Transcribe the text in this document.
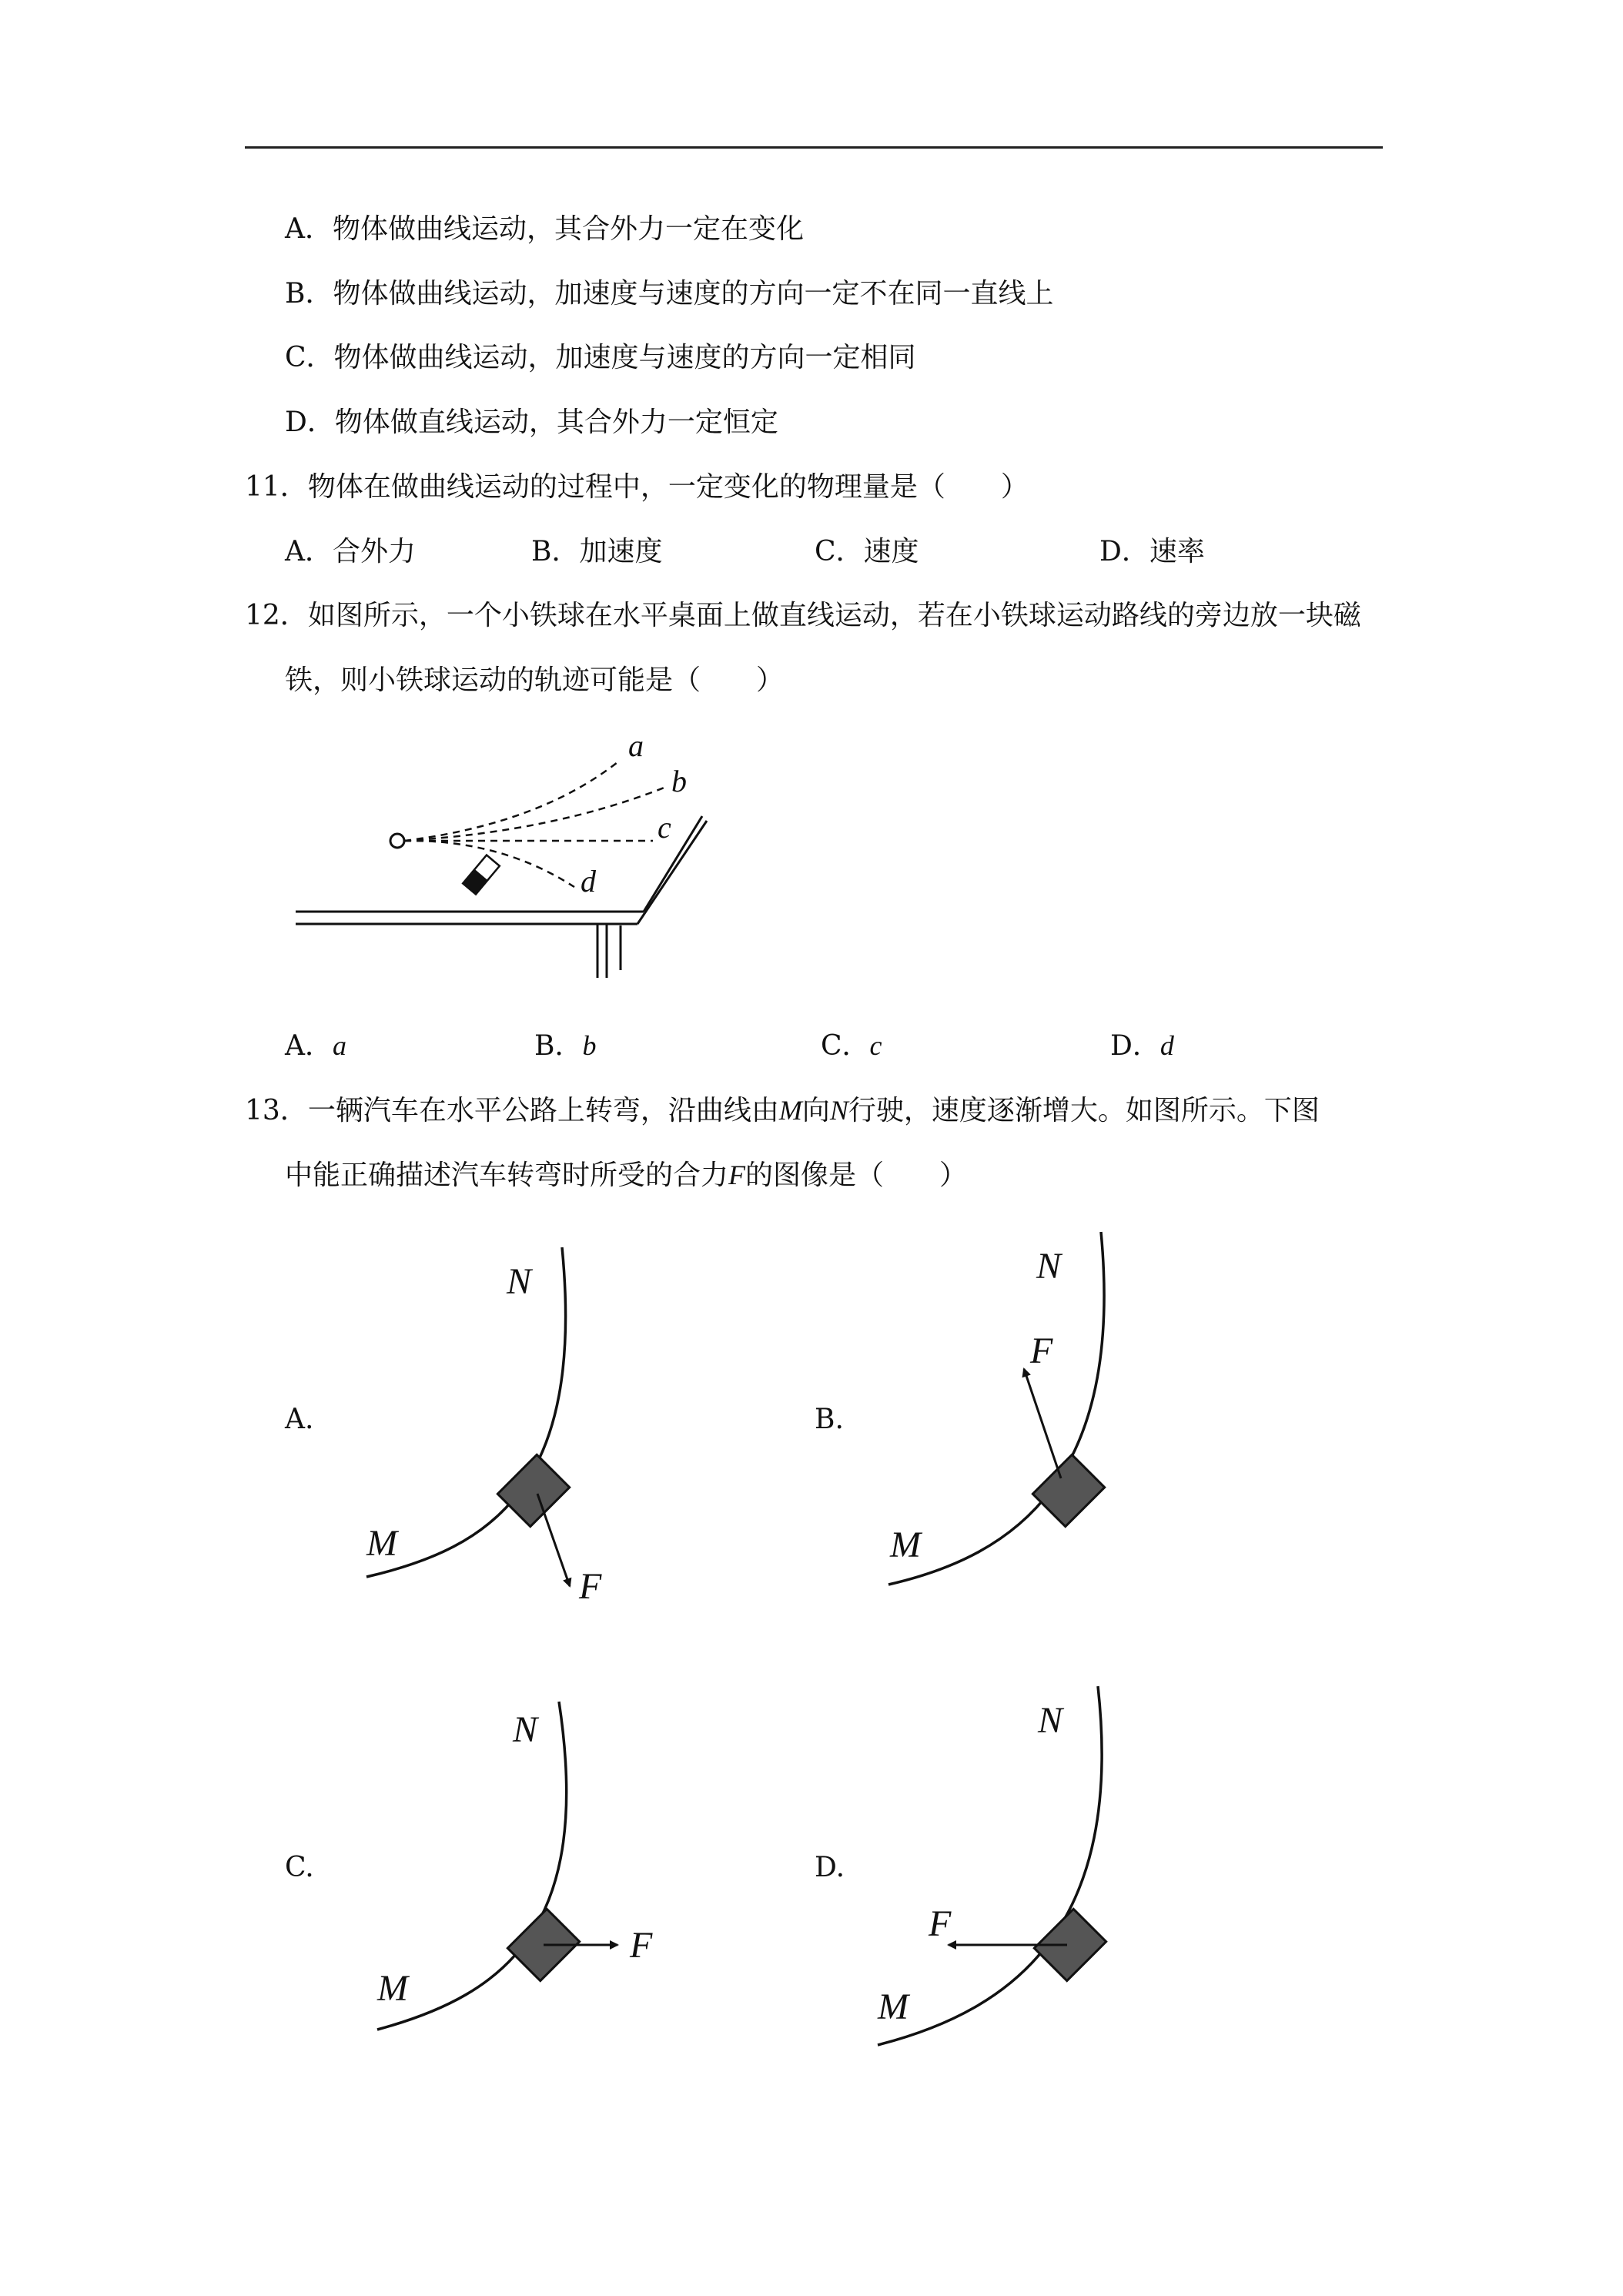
A．物体做曲线运动，其合外力一定在变化
B．物体做曲线运动，加速度与速度的方向一定不在同一直线上
C．物体做曲线运动，加速度与速度的方向一定相同
D．物体做直线运动，其合外力一定恒定
11．物体在做曲线运动的过程中，一定变化的物理量是（　　）
A．合外力	B．加速度	C．速度	D．速率
12．如图所示，一个小铁球在水平桌面上做直线运动，若在小铁球运动路线的旁边放一块磁
铁，则小铁球运动的轨迹可能是（　　）
a
b
c
d
A．a	B．b	C．c	D．d
13．一辆汽车在水平公路上转弯，沿曲线由M向N行驶，速度逐渐增大。如图所示。下图
中能正确描述汽车转弯时所受的合力F的图像是（　　）
A.	B.
C.	D.
N
M
F
N
M
F
N
M
F
N
M
F
